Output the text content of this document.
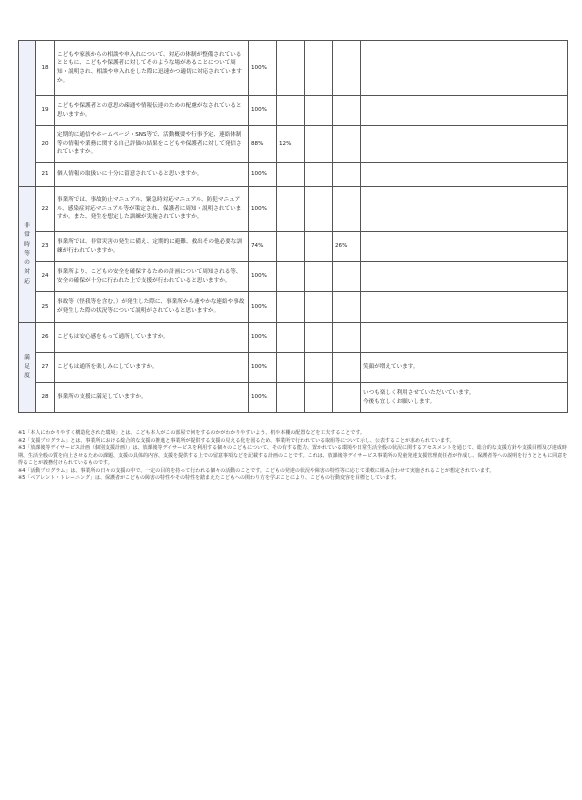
	18	こどもや家族からの相談や申入れについて、対応の体制が整備されているとともに、こどもや保護者に対してそのような場があることについて周知・説明され、相談や申入れをした際に迅速かつ適切に対応されていますか。	100%				
	19	こどもや保護者との意思の疎通や情報伝達のための配慮がなされていると思いますか。	100%				
	20	定期的に通信やホームページ・SNS等で、活動概要や行事予定、連絡体制等の情報や業務に関する自己評価の結果をこどもや保護者に対して発信されていますか。	88%	12%			
	21	個人情報の取扱いに十分に留意されていると思いますか。	100%				

非常時等の対応	22	事業所では、事故防止マニュアル、緊急時対応マニュアル、防犯マニュアル、感染症対応マニュアル等が策定され、保護者に周知・説明されていますか。また、発生を想定した訓練が実施されていますか。	100%				
	23	事業所では、非常災害の発生に備え、定期的に避難、救出その他必要な訓練が行われていますか。	74%			26%	
	24	事業所より、こどもの安全を確保するための計画について周知される等、安全の確保が十分に行われた上で支援が行われていると思いますか。	100%				
	25	事故等（怪我等を含む。）が発生した際に、事業所から速やかな連絡や事故が発生した際の状況等について説明がされていると思いますか。	100%				

満足度	26	こどもは安心感をもって通所していますか。	100%				
	27	こどもは通所を楽しみにしていますか。	100%				笑顔が増えています。

	28	事業所の支援に満足していますか。	100%				いつも楽しく利用させていただいています。
今後も宜しくお願いします。
※1「本人にわかりやすく構造化された環境」とは、こども本人がこの部屋で何をするのかがわかりやすいよう、机や本棚の配置などを工夫することです。
※2「支援プログラム」とは、事業所における総合的な支援の推進と事業所が提供する支援の見える化を図るため、事業所で行われている取組等について示し、公表することが求められています。
※3「放課後等デイサービス計画（個別支援計画）」は、放課後等デイサービスを利用する個々のこどもについて、その有する能力、置かれている環境や日常生活全般の状況に関するアセスメントを通じて、総合的な支援方針や支援目標及び達成時期、生活全般の質を向上させるための課題、支援の具体的内容、支援を提供する上での留意事項などを記載する計画のことです。これは、放課後等デイサービス事業所の児童発達支援管理責任者が作成し、保護者等への説明を行うとともに同意を得ることが義務付けられているものです。
※4「活動プログラム」は、事業所の日々の支援の中で、一定の目的を持って行われる個々の活動のことです。こどもの発達の状況や障害の特性等に応じて柔軟に組み合わせて実施されることが想定されています。
※5「ペアレント・トレーニング」は、保護者がこどもの障害の特性やその特性を踏まえたこどもへの関わり方を学ぶことにより、こどもの行動変容を目標としています。
